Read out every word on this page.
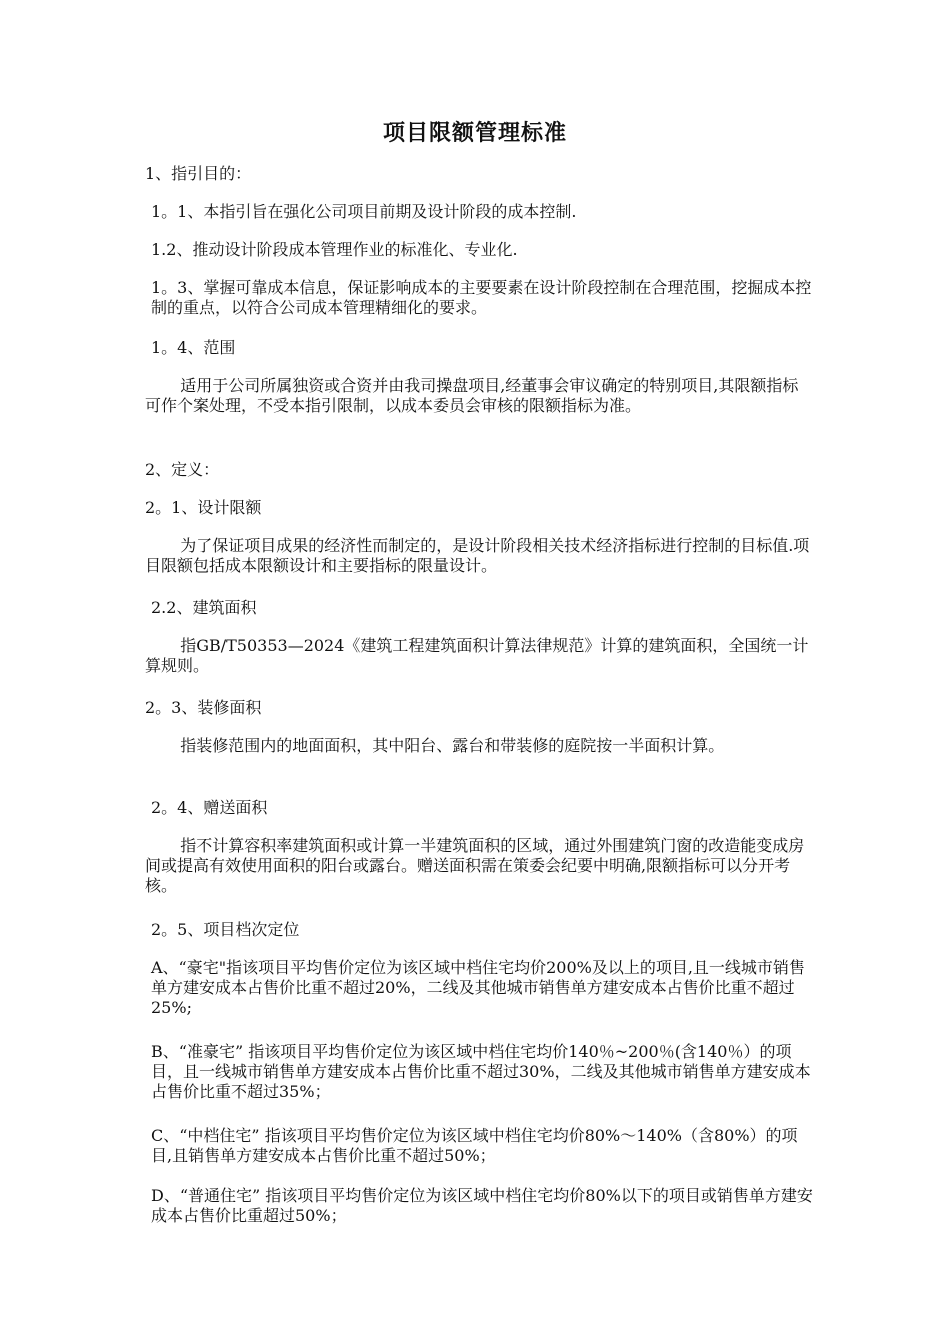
项目限额管理标准

1、指引目的：

1。1、本指引旨在强化公司项目前期及设计阶段的成本控制.

1.2、推动设计阶段成本管理作业的标准化、专业化.

1。3、掌握可靠成本信息，保证影响成本的主要要素在设计阶段控制在合理范围，挖掘成本控制的重点，以符合公司成本管理精细化的要求。

1。4、范围

适用于公司所属独资或合资并由我司操盘项目,经董事会审议确定的特别项目,其限额指标可作个案处理，不受本指引限制，以成本委员会审核的限额指标为准。

2、定义：

2。1、设计限额

为了保证项目成果的经济性而制定的，是设计阶段相关技术经济指标进行控制的目标值.项目限额包括成本限额设计和主要指标的限量设计。

2.2、建筑面积

指GB/T50353—2024《建筑工程建筑面积计算法律规范》计算的建筑面积，全国统一计算规则。

2。3、装修面积

指装修范围内的地面面积，其中阳台、露台和带装修的庭院按一半面积计算。

2。4、赠送面积

指不计算容积率建筑面积或计算一半建筑面积的区域，通过外围建筑门窗的改造能变成房间或提高有效使用面积的阳台或露台。赠送面积需在策委会纪要中明确,限额指标可以分开考核。

2。5、项目档次定位

A、“豪宅"指该项目平均售价定位为该区域中档住宅均价200%及以上的项目,且一线城市销售单方建安成本占售价比重不超过20%，二线及其他城市销售单方建安成本占售价比重不超过25%;

B、“准豪宅” 指该项目平均售价定位为该区域中档住宅均价140％~200％(含140％）的项目，且一线城市销售单方建安成本占售价比重不超过30%，二线及其他城市销售单方建安成本占售价比重不超过35%；

C、“中档住宅” 指该项目平均售价定位为该区域中档住宅均价80%～140%（含80%）的项目,且销售单方建安成本占售价比重不超过50%；

D、“普通住宅” 指该项目平均售价定位为该区域中档住宅均价80%以下的项目或销售单方建安成本占售价比重超过50%；
